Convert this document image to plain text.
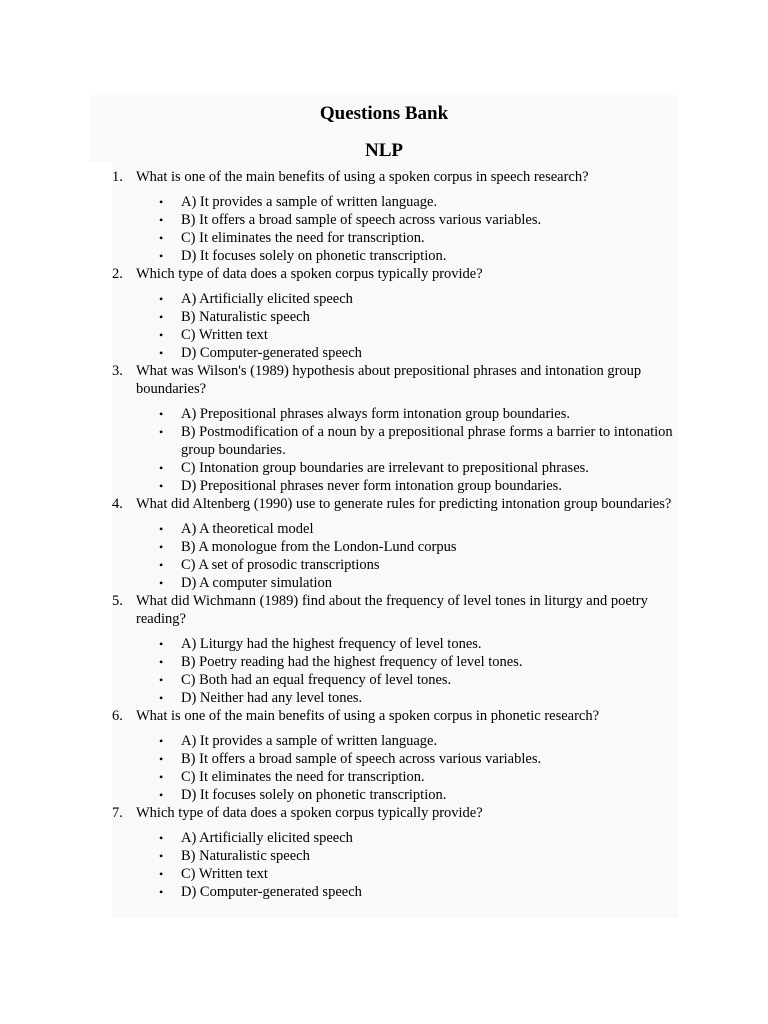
Questions Bank
NLP
1. What is one of the main benefits of using a spoken corpus in speech research?
• A) It provides a sample of written language.
• B) It offers a broad sample of speech across various variables.
• C) It eliminates the need for transcription.
• D) It focuses solely on phonetic transcription.
2. Which type of data does a spoken corpus typically provide?
• A) Artificially elicited speech
• B) Naturalistic speech
• C) Written text
• D) Computer-generated speech
3. What was Wilson's (1989) hypothesis about prepositional phrases and intonation group boundaries?
• A) Prepositional phrases always form intonation group boundaries.
• B) Postmodification of a noun by a prepositional phrase forms a barrier to intonation group boundaries.
• C) Intonation group boundaries are irrelevant to prepositional phrases.
• D) Prepositional phrases never form intonation group boundaries.
4. What did Altenberg (1990) use to generate rules for predicting intonation group boundaries?
• A) A theoretical model
• B) A monologue from the London-Lund corpus
• C) A set of prosodic transcriptions
• D) A computer simulation
5. What did Wichmann (1989) find about the frequency of level tones in liturgy and poetry reading?
• A) Liturgy had the highest frequency of level tones.
• B) Poetry reading had the highest frequency of level tones.
• C) Both had an equal frequency of level tones.
• D) Neither had any level tones.
6. What is one of the main benefits of using a spoken corpus in phonetic research?
• A) It provides a sample of written language.
• B) It offers a broad sample of speech across various variables.
• C) It eliminates the need for transcription.
• D) It focuses solely on phonetic transcription.
7. Which type of data does a spoken corpus typically provide?
• A) Artificially elicited speech
• B) Naturalistic speech
• C) Written text
• D) Computer-generated speech
